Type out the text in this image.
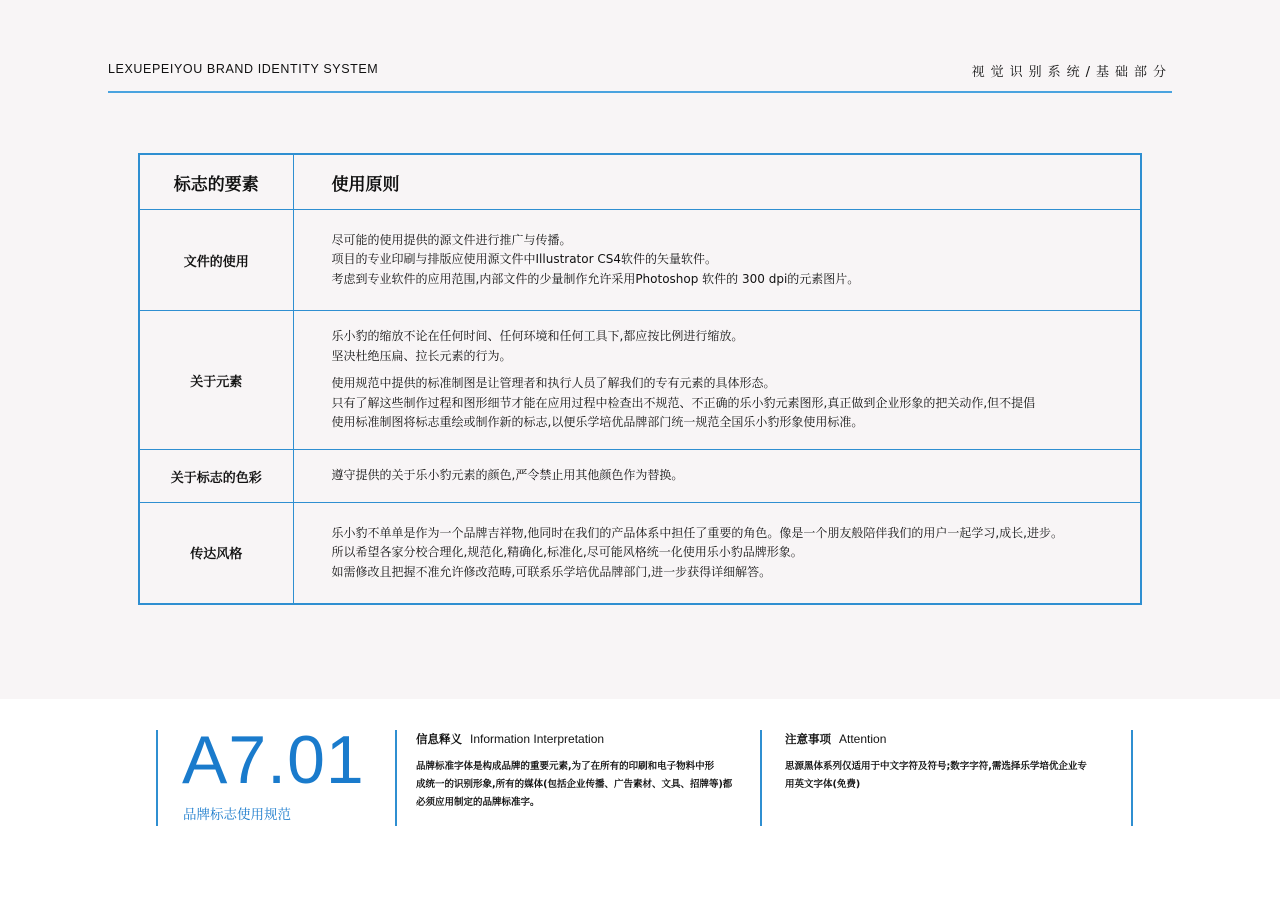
LEXUEPEIYOU BRAND IDENTITY SYSTEM	视觉识别系统/基础部分
标志的要素	使用原则
文件的使用	尽可能的使用提供的源文件进行推广与传播。
项目的专业印刷与排版应使用源文件中Illustrator CS4软件的矢量软件。
考虑到专业软件的应用范围,内部文件的少量制作允许采用Photoshop 软件的 300 dpi的元素图片。

关于元素	乐小豹的缩放不论在任何时间、任何环境和任何工具下,都应按比例进行缩放。
坚决杜绝压扁、拉长元素的行为。
使用规范中提供的标准制图是让管理者和执行人员了解我们的专有元素的具体形态。
只有了解这些制作过程和图形细节才能在应用过程中检查出不规范、不正确的乐小豹元素图形,真正做到企业形象的把关动作,但不提倡
使用标准制图将标志重绘或制作新的标志,以便乐学培优品牌部门统一规范全国乐小豹形象使用标准。

关于标志的色彩	遵守提供的关于乐小豹元素的颜色,严令禁止用其他颜色作为替换。

传达风格	乐小豹不单单是作为一个品牌吉祥物,他同时在我们的产品体系中担任了重要的角色。像是一个朋友般陪伴我们的用户一起学习,成长,进步。
所以希望各家分校合理化,规范化,精确化,标准化,尽可能风格统一化使用乐小豹品牌形象。
如需修改且把握不准允许修改范畴,可联系乐学培优品牌部门,进一步获得详细解答。
A7.01
品牌标志使用规范
信息释义 Information Interpretation
品牌标准字体是构成品牌的重要元素,为了在所有的印刷和电子物料中形
成统一的识别形象,所有的媒体(包括企业传播、广告素材、文具、招牌等)都
必须应用制定的品牌标准字。
注意事项 Attention
思源黑体系列仅适用于中文字符及符号;数字字符,需选择乐学培优企业专
用英文字体(免费)
